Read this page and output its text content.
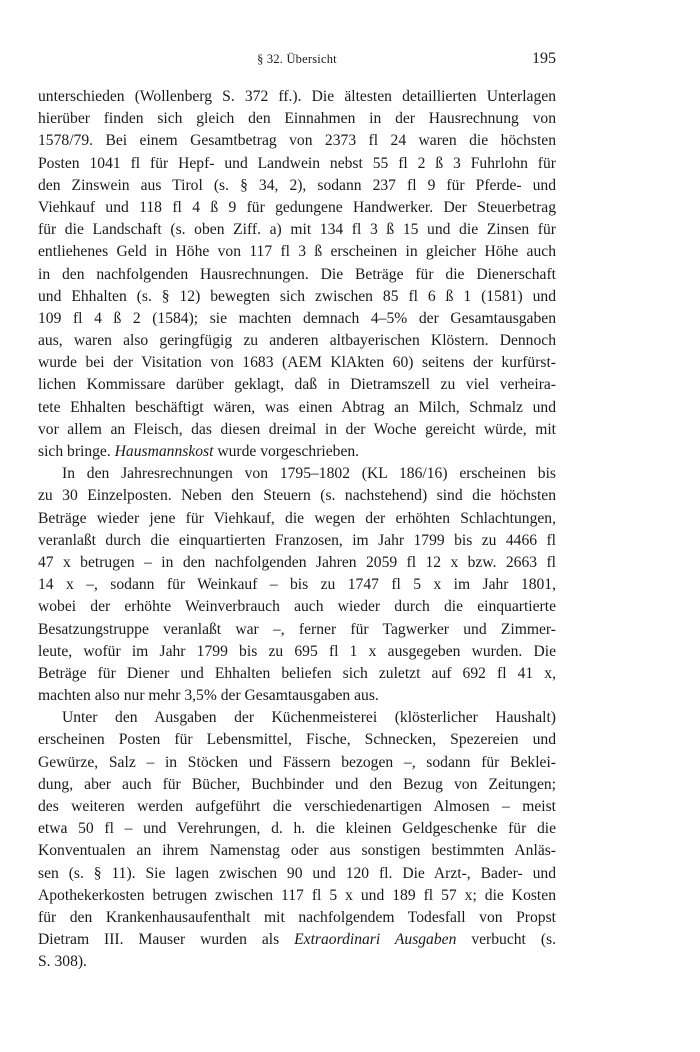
§ 32. Übersicht	195
unterschieden (Wollenberg S. 372 ff.). Die ältesten detaillierten Unterlagen
hierüber finden sich gleich den Einnahmen in der Hausrechnung von
1578/79. Bei einem Gesamtbetrag von 2373 fl 24 waren die höchsten
Posten 1041 fl für Hepf- und Landwein nebst 55 fl 2 ß 3 Fuhrlohn für
den Zinswein aus Tirol (s. § 34, 2), sodann 237 fl 9 für Pferde- und
Viehkauf und 118 fl 4 ß 9 für gedungene Handwerker. Der Steuerbetrag
für die Landschaft (s. oben Ziff. a) mit 134 fl 3 ß 15 und die Zinsen für
entliehenes Geld in Höhe von 117 fl 3 ß erscheinen in gleicher Höhe auch
in den nachfolgenden Hausrechnungen. Die Beträge für die Dienerschaft
und Ehhalten (s. § 12) bewegten sich zwischen 85 fl 6 ß 1 (1581) und
109 fl 4 ß 2 (1584); sie machten demnach 4–5% der Gesamtausgaben
aus, waren also geringfügig zu anderen altbayerischen Klöstern. Dennoch
wurde bei der Visitation von 1683 (AEM KlAkten 60) seitens der kurfürst-
lichen Kommissare darüber geklagt, daß in Dietramszell zu viel verheira-
tete Ehhalten beschäftigt wären, was einen Abtrag an Milch, Schmalz und
vor allem an Fleisch, das diesen dreimal in der Woche gereicht würde, mit
sich bringe. Hausmannskost wurde vorgeschrieben.
In den Jahresrechnungen von 1795–1802 (KL 186/16) erscheinen bis
zu 30 Einzelposten. Neben den Steuern (s. nachstehend) sind die höchsten
Beträge wieder jene für Viehkauf, die wegen der erhöhten Schlachtungen,
veranlaßt durch die einquartierten Franzosen, im Jahr 1799 bis zu 4466 fl
47 x betrugen – in den nachfolgenden Jahren 2059 fl 12 x bzw. 2663 fl
14 x –, sodann für Weinkauf – bis zu 1747 fl 5 x im Jahr 1801,
wobei der erhöhte Weinverbrauch auch wieder durch die einquartierte
Besatzungstruppe veranlaßt war –, ferner für Tagwerker und Zimmer-
leute, wofür im Jahr 1799 bis zu 695 fl 1 x ausgegeben wurden. Die
Beträge für Diener und Ehhalten beliefen sich zuletzt auf 692 fl 41 x,
machten also nur mehr 3,5% der Gesamtausgaben aus.
Unter den Ausgaben der Küchenmeisterei (klösterlicher Haushalt)
erscheinen Posten für Lebensmittel, Fische, Schnecken, Spezereien und
Gewürze, Salz – in Stöcken und Fässern bezogen –, sodann für Beklei-
dung, aber auch für Bücher, Buchbinder und den Bezug von Zeitungen;
des weiteren werden aufgeführt die verschiedenartigen Almosen – meist
etwa 50 fl – und Verehrungen, d. h. die kleinen Geldgeschenke für die
Konventualen an ihrem Namenstag oder aus sonstigen bestimmten Anläs-
sen (s. § 11). Sie lagen zwischen 90 und 120 fl. Die Arzt-, Bader- und
Apothekerkosten betrugen zwischen 117 fl 5 x und 189 fl 57 x; die Kosten
für den Krankenhausaufenthalt mit nachfolgendem Todesfall von Propst
Dietram III. Mauser wurden als Extraordinari Ausgaben verbucht (s.
S. 308).
